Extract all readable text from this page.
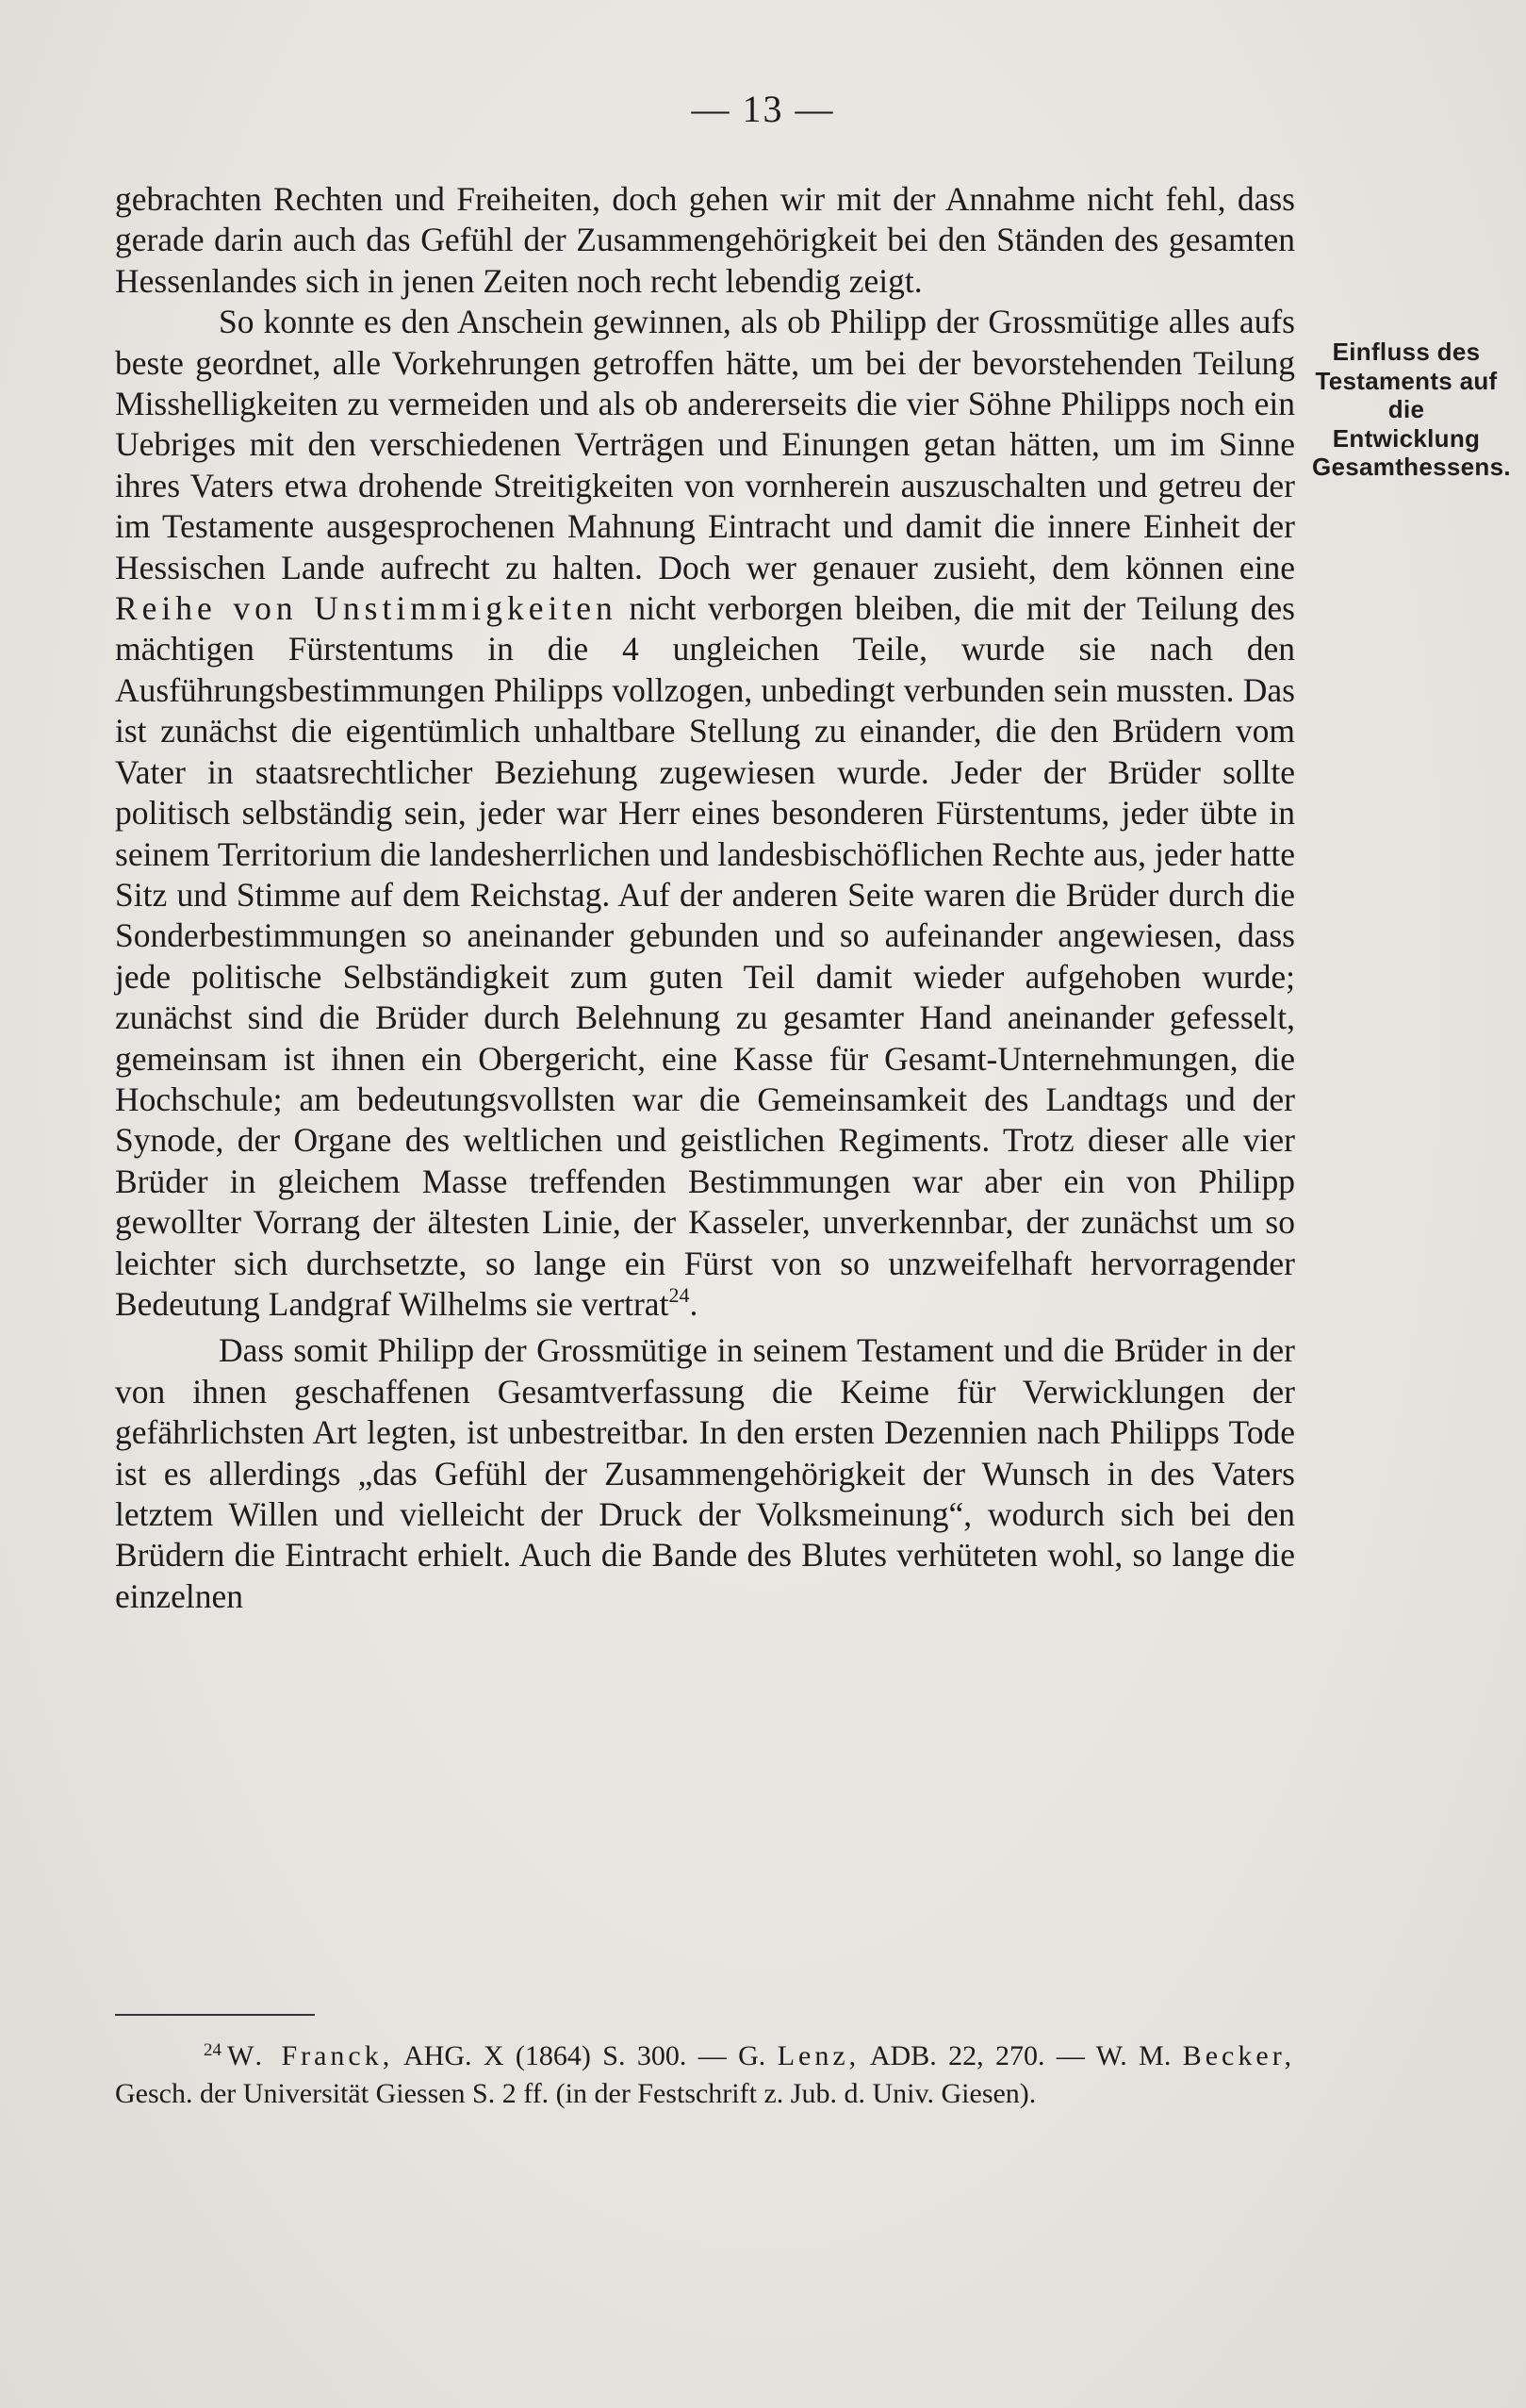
— 13 —

gebrachten Rechten und Freiheiten, doch gehen wir mit der Annahme nicht fehl, dass gerade darin auch das Gefühl der Zusammengehörigkeit bei den Ständen des gesamten Hessenlandes sich in jenen Zeiten noch recht lebendig zeigt.

So konnte es den Anschein gewinnen, als ob Philipp der Grossmütige alles aufs beste geordnet, alle Vorkehrungen getroffen hätte, um bei der bevorstehenden Teilung Misshelligkeiten zu vermeiden und als ob andererseits die vier Söhne Philipps noch ein Uebriges mit den verschiedenen Verträgen und Einungen getan hätten, um im Sinne ihres Vaters etwa drohende Streitigkeiten von vornherein auszuschalten und getreu der im Testamente ausgesprochenen Mahnung Eintracht und damit die innere Einheit der Hessischen Lande aufrecht zu halten. Doch wer genauer zusieht, dem können eine Reihe von Unstimmigkeiten nicht verborgen bleiben, die mit der Teilung des mächtigen Fürstentums in die 4 ungleichen Teile, wurde sie nach den Ausführungsbestimmungen Philipps vollzogen, unbedingt verbunden sein mussten. Das ist zunächst die eigentümlich unhaltbare Stellung zu einander, die den Brüdern vom Vater in staatsrechtlicher Beziehung zugewiesen wurde. Jeder der Brüder sollte politisch selbständig sein, jeder war Herr eines besonderen Fürstentums, jeder übte in seinem Territorium die landesherrlichen und landesbischöflichen Rechte aus, jeder hatte Sitz und Stimme auf dem Reichstag. Auf der anderen Seite waren die Brüder durch die Sonderbestimmungen so aneinander gebunden und so aufeinander angewiesen, dass jede politische Selbständigkeit zum guten Teil damit wieder aufgehoben wurde; zunächst sind die Brüder durch Belehnung zu gesamter Hand aneinander gefesselt, gemeinsam ist ihnen ein Obergericht, eine Kasse für Gesamt-Unternehmungen, die Hochschule; am bedeutungsvollsten war die Gemeinsamkeit des Landtags und der Synode, der Organe des weltlichen und geistlichen Regiments. Trotz dieser alle vier Brüder in gleichem Masse treffenden Bestimmungen war aber ein von Philipp gewollter Vorrang der ältesten Linie, der Kasseler, unverkennbar, der zunächst um so leichter sich durchsetzte, so lange ein Fürst von so unzweifelhaft hervorragender Bedeutung Landgraf Wilhelms sie vertrat$^{24}$.

Dass somit Philipp der Grossmütige in seinem Testament und die Brüder in der von ihnen geschaffenen Gesamtverfassung die Keime für Verwicklungen der gefährlichsten Art legten, ist unbestreitbar. In den ersten Dezennien nach Philipps Tode ist es allerdings „das Gefühl der Zusammengehörigkeit der Wunsch in des Vaters letztem Willen und vielleicht der Druck der Volksmeinung“, wodurch sich bei den Brüdern die Eintracht erhielt. Auch die Bande des Blutes verhüteten wohl, so lange die einzelnen

Einfluss des Testaments auf die Entwicklung Gesamthessens.
$^{24}$ W. Franck, AHG. X (1864) S. 300. — G. Lenz, ADB. 22, 270. — W. M. Becker, Gesch. der Universität Giessen S. 2 ff. (in der Festschrift z. Jub. d. Univ. Giesen).
